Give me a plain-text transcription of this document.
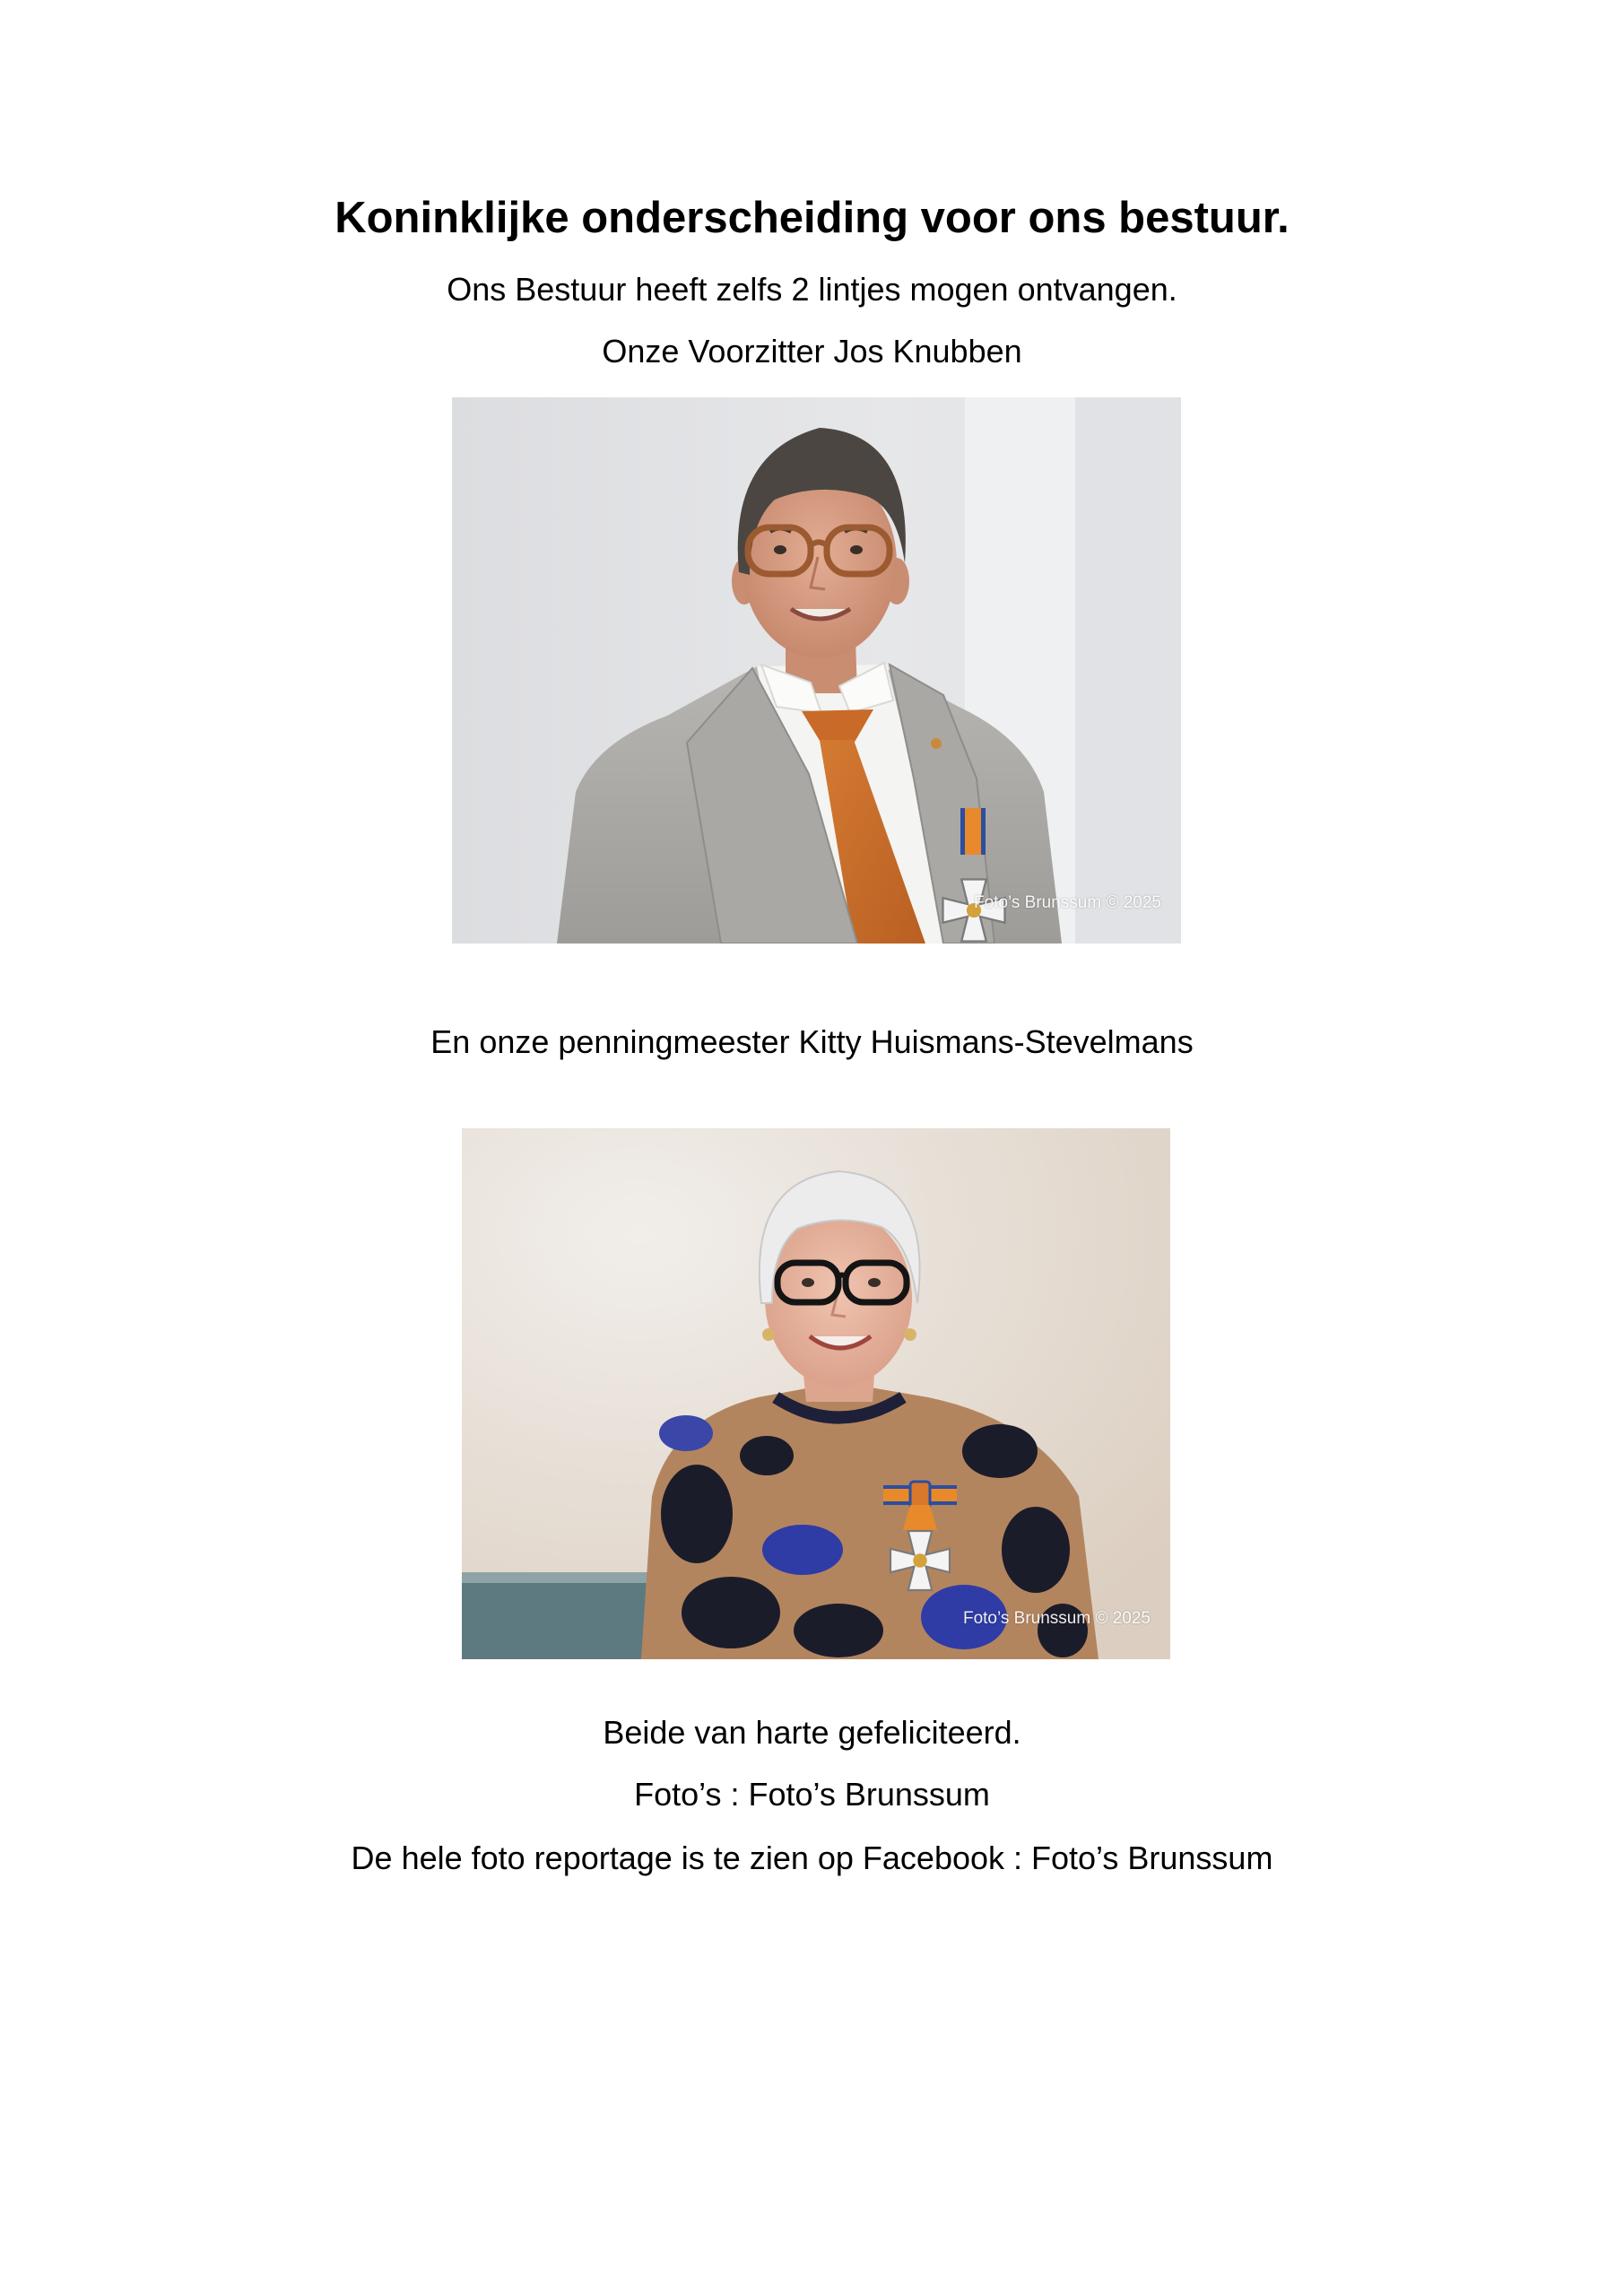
Koninklijke onderscheiding voor ons bestuur.
Ons Bestuur heeft zelfs 2 lintjes mogen ontvangen.
Onze Voorzitter Jos Knubben
Foto’s Brunssum © 2025
En onze penningmeester Kitty Huismans-Stevelmans
Foto’s Brunssum © 2025
Beide van harte gefeliciteerd.
Foto’s : Foto’s Brunssum
De hele foto reportage is te zien op Facebook : Foto’s Brunssum
